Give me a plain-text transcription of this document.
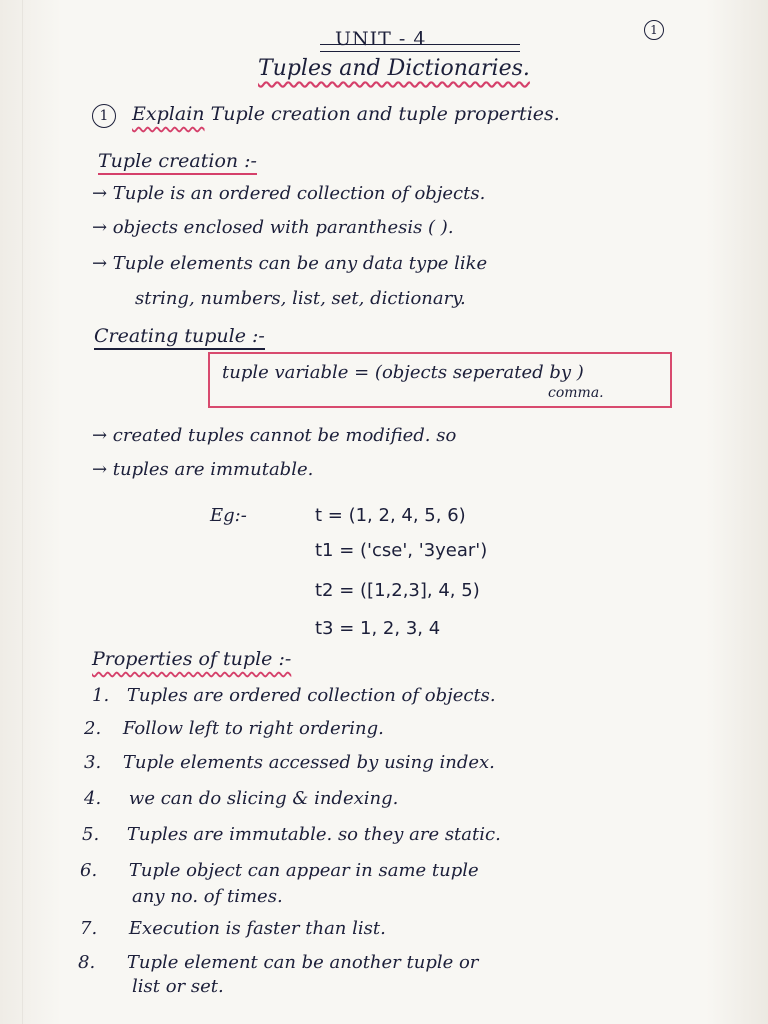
1
UNIT - 4
Tuples and Dictionaries.
1 Explain Tuple creation and tuple properties.
Tuple creation :-
→ Tuple is an ordered collection of objects.
→ objects enclosed with paranthesis ( ).
→ Tuple elements can be any data type like
string, numbers, list, set, dictionary.
Creating tupule :-
tuple variable = (objects seperated by )
comma.
→ created tuples cannot be modified. so
→ tuples are immutable.
Eg:-	t = (1, 2, 4, 5, 6)
t1 = ('cse', '3year')
t2 = ([1,2,3], 4, 5)
t3 = 1, 2, 3, 4
Properties of tuple :-
1. Tuples are ordered collection of objects.
2. Follow left to right ordering.
3. Tuple elements accessed by using index.
4. we can do slicing & indexing.
5. Tuples are immutable. so they are static.
6. Tuple object can appear in same tuple
any no. of times.
7. Execution is faster than list.
8. Tuple element can be another tuple or
list or set.
